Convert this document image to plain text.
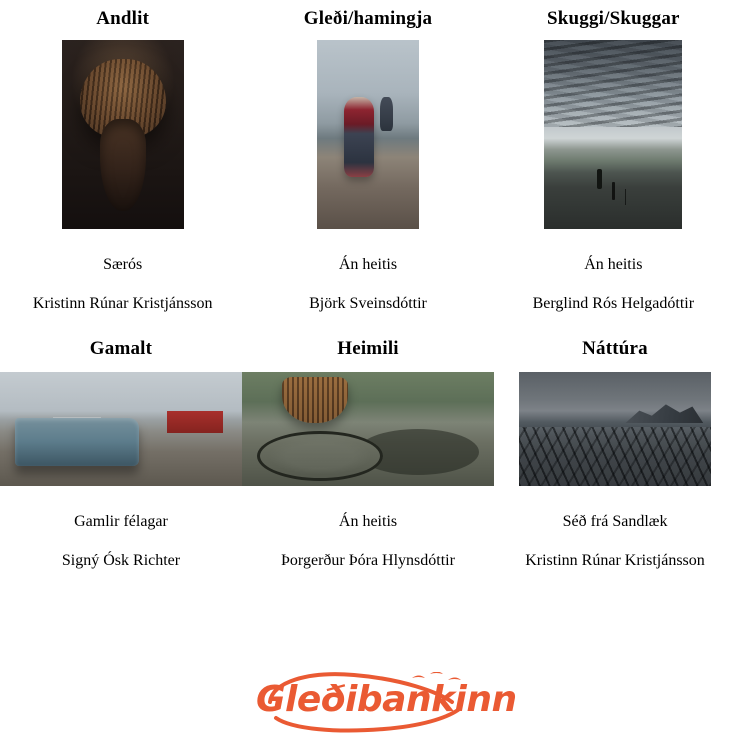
Andlit
Særós
Kristinn Rúnar Kristjánsson
Gleði/hamingja
Án heitis
Björk Sveinsdóttir
Skuggi/Skuggar
Án heitis
Berglind Rós Helgadóttir
Gamalt
Gamlir félagar
Signý Ósk Richter
Heimili
Án heitis
Þorgerður Þóra Hlynsdóttir
Náttúra
Séð frá Sandlæk
Kristinn Rúnar Kristjánsson
Gleðibankinn
